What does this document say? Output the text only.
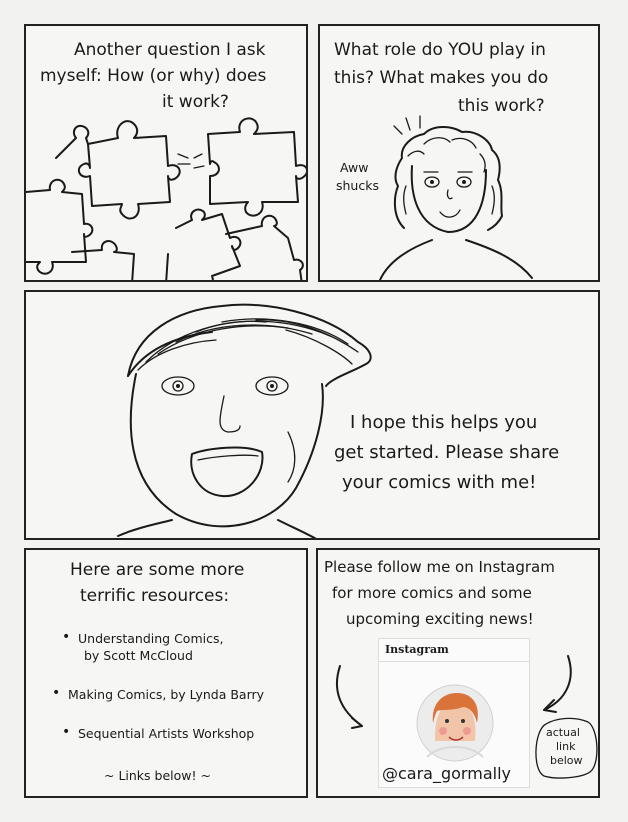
Another question I ask
myself: How (or why) does
it work?
What role do YOU play in
this? What makes you do
this work?
Aww
shucks
I hope this helps you
get started. Please share
your comics with me!
Here are some more
terrific resources:
• Understanding Comics,
by Scott McCloud
• Making Comics, by Lynda Barry
• Sequential Artists Workshop
~ Links below! ~
Please follow me on Instagram
for more comics and some
upcoming exciting news!
Instagram
@cara_gormally
actual
link
below
